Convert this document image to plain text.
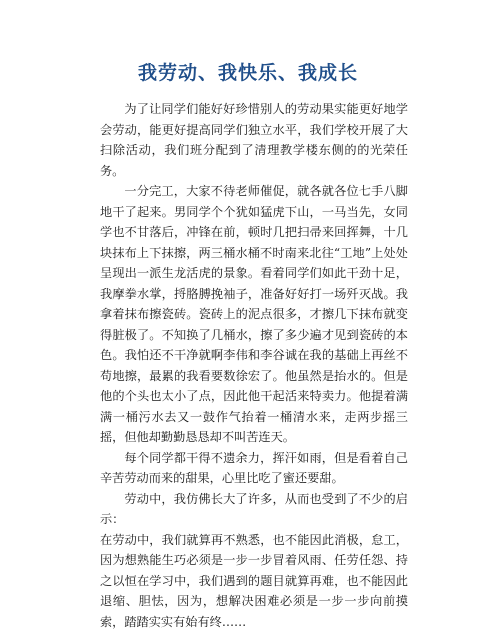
我劳动、我快乐、我成长

为了让同学们能好好珍惜别人的劳动果实能更好地学会劳动，能更好提高同学们独立水平，我们学校开展了大扫除活动，我们班分配到了清理教学楼东侧的的光荣任务。

一分完工，大家不待老师催促，就各就各位七手八脚地干了起来。男同学个个犹如猛虎下山，一马当先，女同学也不甘落后，冲锋在前，顿时几把扫帚来回挥舞，十几块抹布上下抹擦，两三桶水桶不时南来北往“工地”上处处呈现出一派生龙活虎的景象。看着同学们如此干劲十足，我摩拳水掌，捋胳膊挽袖子，准备好好打一场歼灭战。我拿着抹布擦瓷砖。瓷砖上的泥点很多，才擦几下抹布就变得脏极了。不知换了几桶水，擦了多少遍才见到瓷砖的本色。我怕还不干净就啊李伟和李谷诚在我的基础上再丝不苟地擦，最累的我看要数徐宏了。他虽然是抬水的。但是他的个头也太小了点，因此他干起活来特卖力。他提着满满一桶污水去又一鼓作气抬着一桶清水来，走两步摇三摇，但他却勤勤恳恳却不叫苦连天。

每个同学都干得不遗余力，挥汗如雨，但是看着自己辛苦劳动而来的甜果，心里比吃了蜜还要甜。

劳动中，我仿佛长大了许多，从而也受到了不少的启示：

在劳动中，我们就算再不熟悉，也不能因此消极，怠工，因为想熟能生巧必须是一步一步冒着风雨、任劳任怨、持之以恒在学习中，我们遇到的题目就算再难，也不能因此退缩、胆怯，因为，想解决困难必须是一步一步向前摸索，踏踏实实有始有终……
